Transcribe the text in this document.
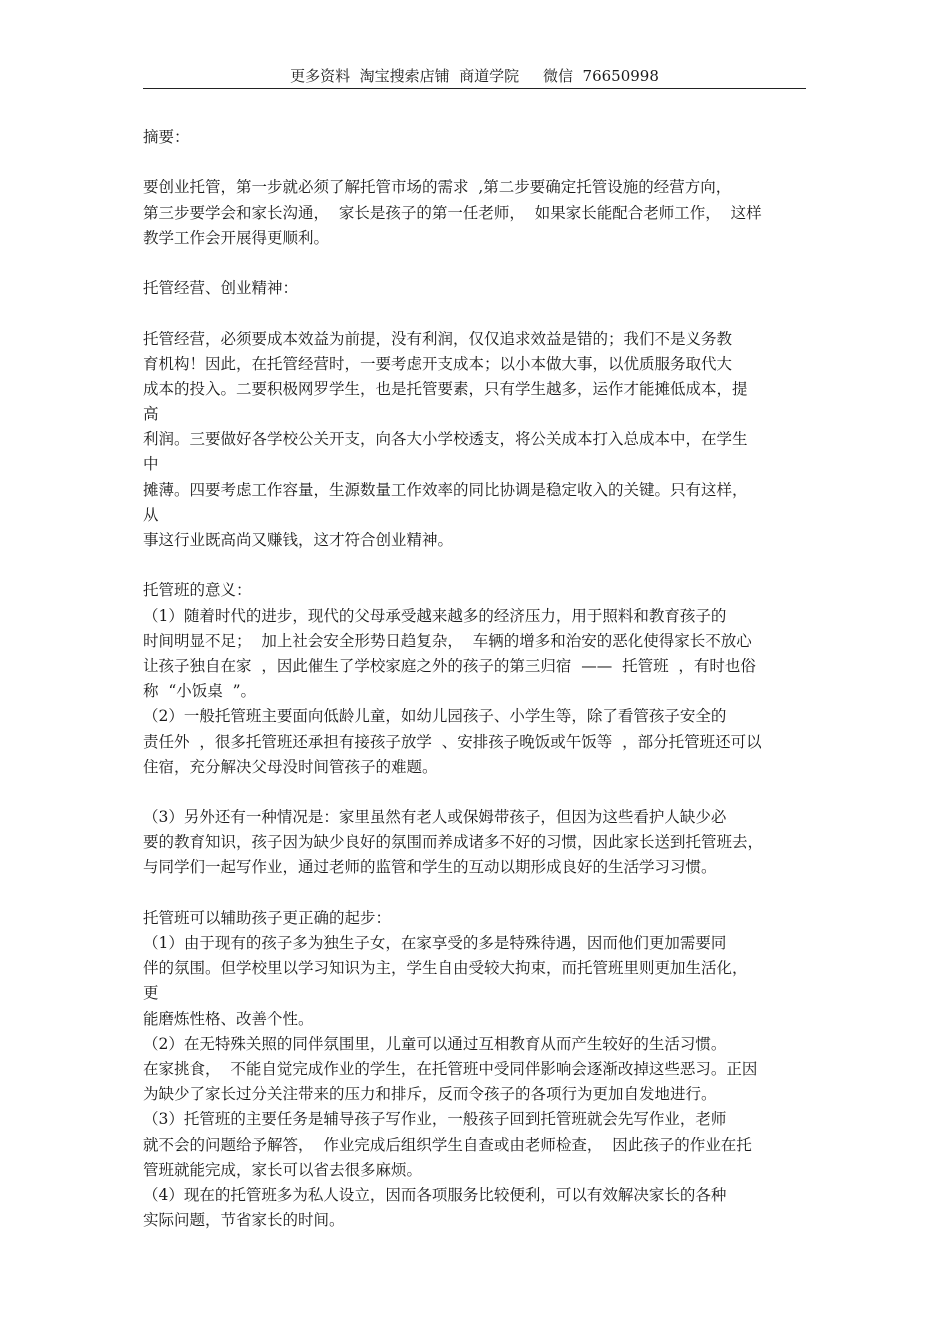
更多资料  淘宝搜索店铺  商道学院     微信  76650998
摘要：
要创业托管，第一步就必须了解托管市场的需求  ,第二步要确定托管设施的经营方向，
第三步要学会和家长沟通，  家长是孩子的第一任老师，  如果家长能配合老师工作，  这样
教学工作会开展得更顺利。
托管经营、创业精神：
托管经营，必须要成本效益为前提，没有利润，仅仅追求效益是错的；我们不是义务教
育机构！因此，在托管经营时，一要考虑开支成本；以小本做大事，以优质服务取代大
成本的投入。二要积极网罗学生，也是托管要素，只有学生越多，运作才能摊低成本，提
高
利润。三要做好各学校公关开支，向各大小学校透支，将公关成本打入总成本中，在学生
中
摊薄。四要考虑工作容量，生源数量工作效率的同比协调是稳定收入的关键。只有这样，
从
事这行业既高尚又赚钱，这才符合创业精神。
托管班的意义：
（1）随着时代的进步，现代的父母承受越来越多的经济压力，用于照料和教育孩子的
时间明显不足；  加上社会安全形势日趋复杂，  车辆的增多和治安的恶化使得家长不放心
让孩子独自在家  ，因此催生了学校家庭之外的孩子的第三归宿  ——  托管班  ，有时也俗
称  “小饭桌  ”。
（2）一般托管班主要面向低龄儿童，如幼儿园孩子、小学生等，除了看管孩子安全的
责任外  ，很多托管班还承担有接孩子放学  、安排孩子晚饭或午饭等  ，部分托管班还可以
住宿，充分解决父母没时间管孩子的难题。
（3）另外还有一种情况是：家里虽然有老人或保姆带孩子，但因为这些看护人缺少必
要的教育知识，孩子因为缺少良好的氛围而养成诸多不好的习惯，因此家长送到托管班去，
与同学们一起写作业，通过老师的监管和学生的互动以期形成良好的生活学习习惯。
托管班可以辅助孩子更正确的起步：
（1）由于现有的孩子多为独生子女，在家享受的多是特殊待遇，因而他们更加需要同
伴的氛围。但学校里以学习知识为主，学生自由受较大拘束，而托管班里则更加生活化，
更
能磨炼性格、改善个性。
（2）在无特殊关照的同伴氛围里，儿童可以通过互相教育从而产生较好的生活习惯。
在家挑食，  不能自觉完成作业的学生，在托管班中受同伴影响会逐渐改掉这些恶习。正因
为缺少了家长过分关注带来的压力和排斥，反而令孩子的各项行为更加自发地进行。
（3）托管班的主要任务是辅导孩子写作业，一般孩子回到托管班就会先写作业，老师
就不会的问题给予解答，  作业完成后组织学生自查或由老师检查，  因此孩子的作业在托
管班就能完成，家长可以省去很多麻烦。
（4）现在的托管班多为私人设立，因而各项服务比较便利，可以有效解决家长的各种
实际问题，节省家长的时间。
